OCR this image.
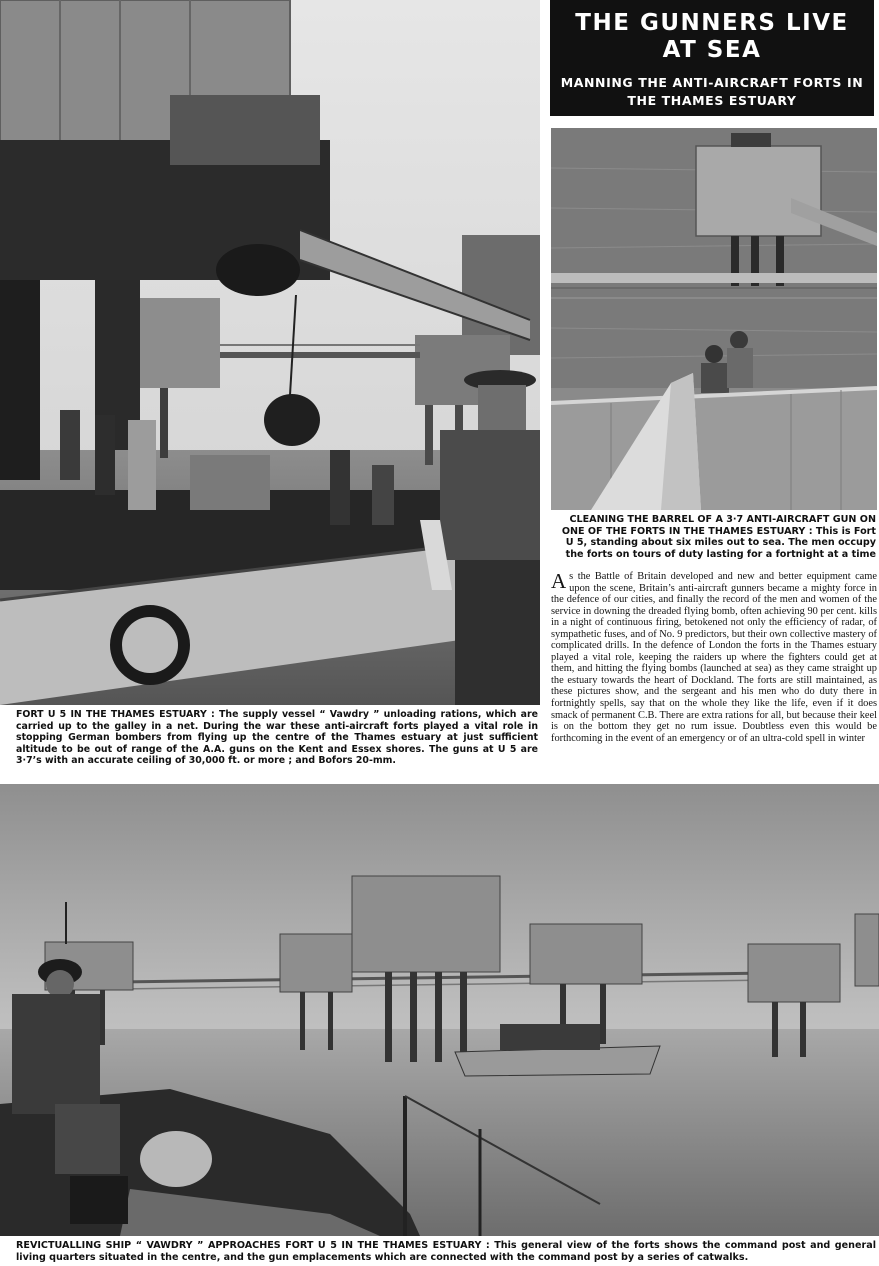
THE GUNNERS LIVE AT SEA
MANNING THE ANTI-AIRCRAFT FORTS IN THE THAMES ESTUARY
CLEANING THE BARREL OF A 3·7 ANTI-AIRCRAFT GUN ON ONE OF THE FORTS IN THE THAMES ESTUARY : This is Fort U 5, standing about six miles out to sea. The men occupy the forts on tours of duty lasting for a fortnight at a time
As the Battle of Britain developed and new and better equipment came upon the scene, Britain’s anti-aircraft gunners became a mighty force in the defence of our cities, and finally the record of the men and women of the service in downing the dreaded flying bomb, often achieving 90 per cent. kills in a night of continuous firing, betokened not only the efficiency of radar, of sympathetic fuses, and of No. 9 predictors, but their own collective mastery of complicated drills. In the defence of London the forts in the Thames estuary played a vital role, keeping the raiders up where the fighters could get at them, and hitting the flying bombs (launched at sea) as they came straight up the estuary towards the heart of Dockland. The forts are still maintained, as these pictures show, and the sergeant and his men who do duty there in fortnightly spells, say that on the whole they like the life, even if it does smack of permanent C.B. There are extra rations for all, but because their keel is on the bottom they get no rum issue. Doubtless even this would be forthcoming in the event of an emergency or of an ultra-cold spell in winter
FORT U 5 IN THE THAMES ESTUARY : The supply vessel “ Vawdry ” unloading rations, which are carried up to the galley in a net. During the war these anti-aircraft forts played a vital role in stopping German bombers from flying up the centre of the Thames estuary at just sufficient altitude to be out of range of the A.A. guns on the Kent and Essex shores. The guns at U 5 are 3·7’s with an accurate ceiling of 30,000 ft. or more ; and Bofors 20-mm.
REVICTUALLING SHIP “ VAWDRY ” APPROACHES FORT U 5 IN THE THAMES ESTUARY : This general view of the forts shows the command post and general living quarters situated in the centre, and the gun emplacements which are connected with the command post by a series of catwalks.
